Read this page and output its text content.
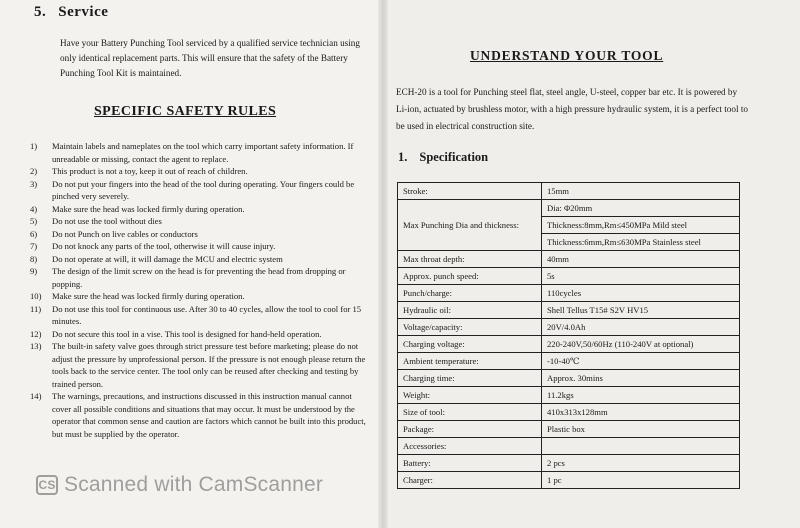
5. Service
Have your Battery Punching Tool serviced by a qualified service technician using only identical replacement parts. This will ensure that the safety of the Battery Punching Tool Kit is maintained.
SPECIFIC SAFETY RULES
1)	Maintain labels and nameplates on the tool which carry important safety information. If unreadable or missing, contact the agent to replace.
2)	This product is not a toy, keep it out of reach of children.
3)	Do not put your fingers into the head of the tool during operating. Your fingers could be pinched very severely.
4)	Make sure the head was locked firmly during operation.
5)	Do not use the tool without dies
6)	Do not Punch on live cables or conductors
7)	Do not knock any parts of the tool, otherwise it will cause injury.
8)	Do not operate at will, it will damage the MCU and electric system
9)	The design of the limit screw on the head is for preventing the head from dropping or popping.
10)	Make sure the head was locked firmly during operation.
11)	Do not use this tool for continuous use. After 30 to 40 cycles, allow the tool to cool for 15 minutes.
12)	Do not secure this tool in a vise. This tool is designed for hand-held operation.
13)	The built-in safety valve goes through strict pressure test before marketing; please do not adjust the pressure by unprofessional person. If the pressure is not enough please return the tools back to the service center. The tool only can be reused after checking and testing by trained person.
14)	The warnings, precautions, and instructions discussed in this instruction manual cannot cover all possible conditions and situations that may occur. It must be understood by the operator that common sense and caution are factors which cannot be built into this product, but must be supplied by the operator.
UNDERSTAND YOUR TOOL
ECH-20 is a tool for Punching steel flat, steel angle, U-steel, copper bar etc. It is powered by Li-ion, actuated by brushless motor, with a high pressure hydraulic system, it is a perfect tool to be used in electrical construction site.
1. Specification
Stroke:	15mm
Max Punching Dia and thickness:	Dia: Φ20mm
Thickness:8mm,Rm≤450MPa Mild steel
Thickness:6mm,Rm≤630MPa Stainless steel

Max throat depth:	40mm
Approx. punch speed:	5s
Punch/charge:	110cycles
Hydraulic oil:	Shell Tellus T15# S2V HV15
Voltage/capacity:	20V/4.0Ah
Charging voltage:	220-240V,50/60Hz (110-240V at optional)
Ambient temperature:	-10-40℃
Charging time:	Approx. 30mins
Weight:	11.2kgs
Size of tool:	410x313x128mm
Package:	Plastic box
Accessories:	
Battery:	2 pcs
Charger:	1 pc
CS Scanned with CamScanner
